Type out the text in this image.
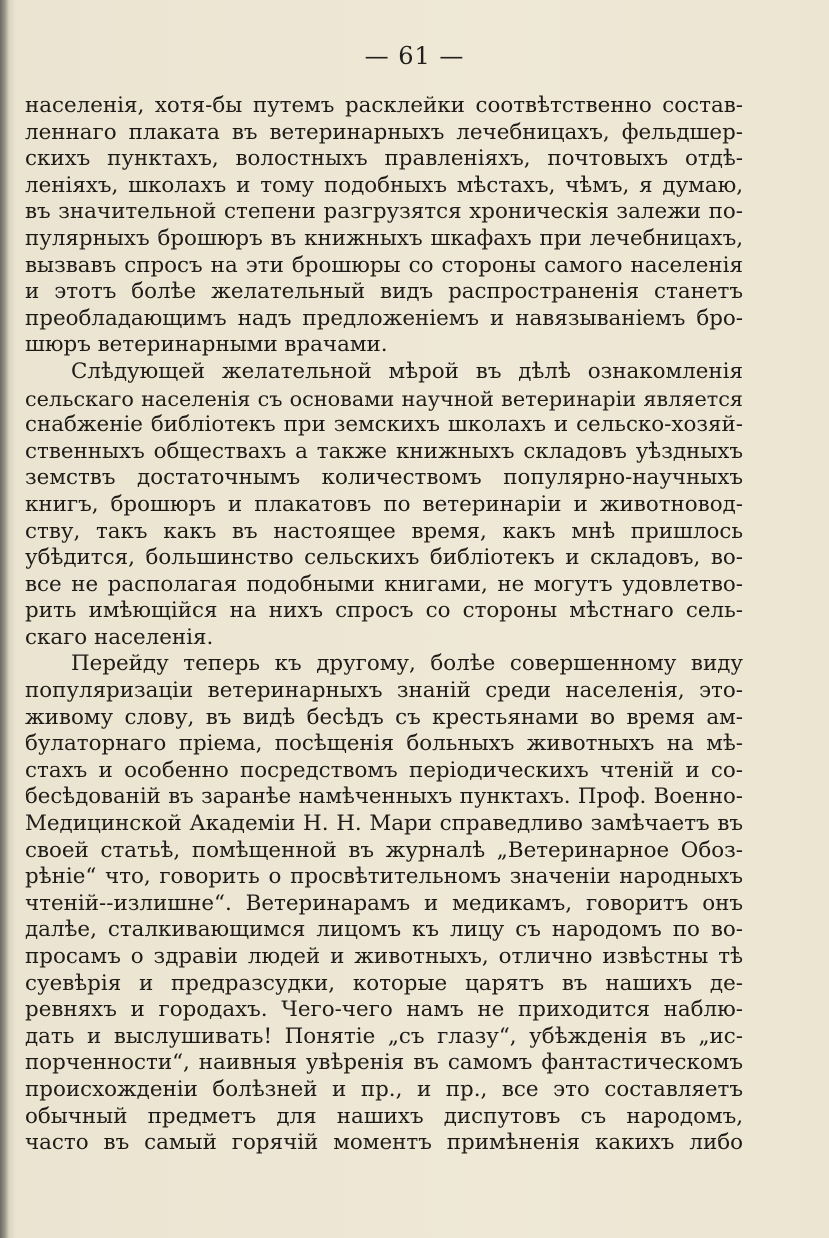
— 61 —
населенія, хотя-бы путемъ расклейки соотвѣтственно состав-
леннаго плаката въ ветеринарныхъ лечебницахъ, фельдшер-
скихъ пунктахъ, волостныхъ правленіяхъ, почтовыхъ отдѣ-
леніяхъ, школахъ и тому подобныхъ мѣстахъ, чѣмъ, я думаю,
въ значительной степени разгрузятся хроническія залежи по-
пулярныхъ брошюръ въ книжныхъ шкафахъ при лечебницахъ,
вызвавъ спросъ на эти брошюры со стороны самого населенія
и этотъ болѣе желательный видъ распространенія станетъ
преобладающимъ надъ предложеніемъ и навязываніемъ бро-
шюръ ветеринарными врачами.
Слѣдующей желательной мѣрой въ дѣлѣ ознакомленія
сельскаго населенія съ основами научной ветеринаріи является
снабженіе библіотекъ при земскихъ школахъ и сельско-хозяй-
ственныхъ обществахъ а также книжныхъ складовъ уѣздныхъ
земствъ достаточнымъ количествомъ популярно-научныхъ
книгъ, брошюръ и плакатовъ по ветеринаріи и животновод-
ству, такъ какъ въ настоящее время, какъ мнѣ пришлось
убѣдится, большинство сельскихъ библіотекъ и складовъ, во-
все не располагая подобными книгами, не могутъ удовлетво-
рить имѣющійся на нихъ спросъ со стороны мѣстнаго сель-
скаго населенія.
Перейду теперь къ другому, болѣе совершенному виду
популяризаціи ветеринарныхъ знаній среди населенія, это-
живому слову, въ видѣ бесѣдъ съ крестьянами во время ам-
булаторнаго пріема, посѣщенія больныхъ животныхъ на мѣ-
стахъ и особенно посредствомъ періодическихъ чтеній и со-
бесѣдованій въ заранѣе намѣченныхъ пунктахъ. Проф. Военно-
Медицинской Академіи Н. Н. Мари справедливо замѣчаетъ въ
своей статьѣ, помѣщенной въ журналѣ „Ветеринарное Обоз-
рѣніе“ что, говорить о просвѣтительномъ значеніи народныхъ
чтеній--излишне“. Ветеринарамъ и медикамъ, говоритъ онъ
далѣе, сталкивающимся лицомъ къ лицу съ народомъ по во-
просамъ о здравіи людей и животныхъ, отлично извѣстны тѣ
суевѣрія и предразсудки, которые царятъ въ нашихъ де-
ревняхъ и городахъ. Чего-чего намъ не приходится наблю-
дать и выслушивать! Понятіе „съ глазу“, убѣжденія въ „ис-
порченности“, наивныя увѣренія въ самомъ фантастическомъ
происхожденіи болѣзней и пр., и пр., все это составляетъ
обычный предметъ для нашихъ диспутовъ съ народомъ,
часто въ самый горячій моментъ примѣненія какихъ либо
